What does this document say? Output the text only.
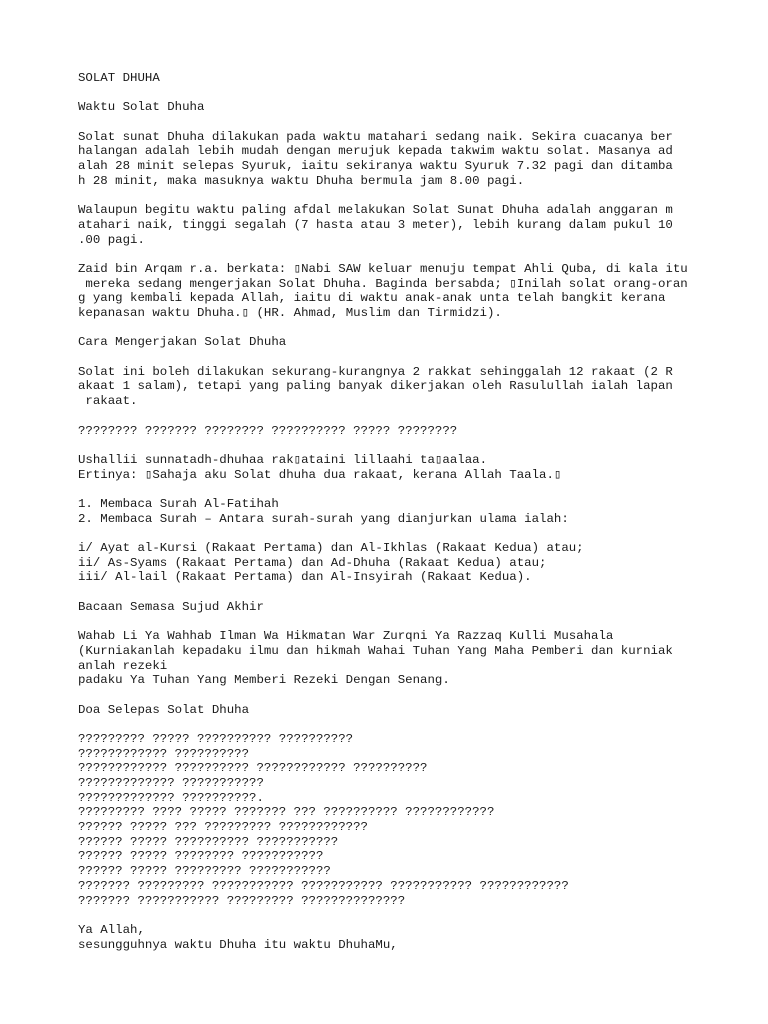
SOLAT DHUHA
Waktu Solat Dhuha
Solat sunat Dhuha dilakukan pada waktu matahari sedang naik. Sekira cuacanya ber
halangan adalah lebih mudah dengan merujuk kepada takwim waktu solat. Masanya ad
alah 28 minit selepas Syuruk, iaitu sekiranya waktu Syuruk 7.32 pagi dan ditamba
h 28 minit, maka masuknya waktu Dhuha bermula jam 8.00 pagi.
Walaupun begitu waktu paling afdal melakukan Solat Sunat Dhuha adalah anggaran m
atahari naik, tinggi segalah (7 hasta atau 3 meter), lebih kurang dalam pukul 10
.00 pagi.
Zaid bin Arqam r.a. berkata: ▯Nabi SAW keluar menuju tempat Ahli Quba, di kala itu
mereka sedang mengerjakan Solat Dhuha. Baginda bersabda; ▯Inilah solat orang-oran
g yang kembali kepada Allah, iaitu di waktu anak-anak unta telah bangkit kerana
kepanasan waktu Dhuha.▯ (HR. Ahmad, Muslim dan Tirmidzi).
Cara Mengerjakan Solat Dhuha
Solat ini boleh dilakukan sekurang-kurangnya 2 rakkat sehinggalah 12 rakaat (2 R
akaat 1 salam), tetapi yang paling banyak dikerjakan oleh Rasulullah ialah lapan
rakaat.
???????? ??????? ???????? ?????????? ????? ????????
Ushallii sunnatadh-dhuhaa rak▯ataini lillaahi ta▯aalaa.
Ertinya: ▯Sahaja aku Solat dhuha dua rakaat, kerana Allah Taala.▯
1. Membaca Surah Al-Fatihah
2. Membaca Surah – Antara surah-surah yang dianjurkan ulama ialah:
i/ Ayat al-Kursi (Rakaat Pertama) dan Al-Ikhlas (Rakaat Kedua) atau;
ii/ As-Syams (Rakaat Pertama) dan Ad-Dhuha (Rakaat Kedua) atau;
iii/ Al-lail (Rakaat Pertama) dan Al-Insyirah (Rakaat Kedua).
Bacaan Semasa Sujud Akhir
Wahab Li Ya Wahhab Ilman Wa Hikmatan War Zurqni Ya Razzaq Kulli Musahala
(Kurniakanlah kepadaku ilmu dan hikmah Wahai Tuhan Yang Maha Pemberi dan kurniak
anlah rezeki
padaku Ya Tuhan Yang Memberi Rezeki Dengan Senang.
Doa Selepas Solat Dhuha
????????? ????? ?????????? ??????????
???????????? ??????????
???????????? ?????????? ???????????? ??????????
????????????? ???????????
????????????? ??????????.
????????? ???? ????? ??????? ??? ?????????? ????????????
?????? ????? ??? ????????? ????????????
?????? ????? ?????????? ???????????
?????? ????? ???????? ???????????
?????? ????? ????????? ???????????
??????? ????????? ??????????? ??????????? ??????????? ????????????
??????? ??????????? ????????? ??????????????
Ya Allah,
sesungguhnya waktu Dhuha itu waktu DhuhaMu,
